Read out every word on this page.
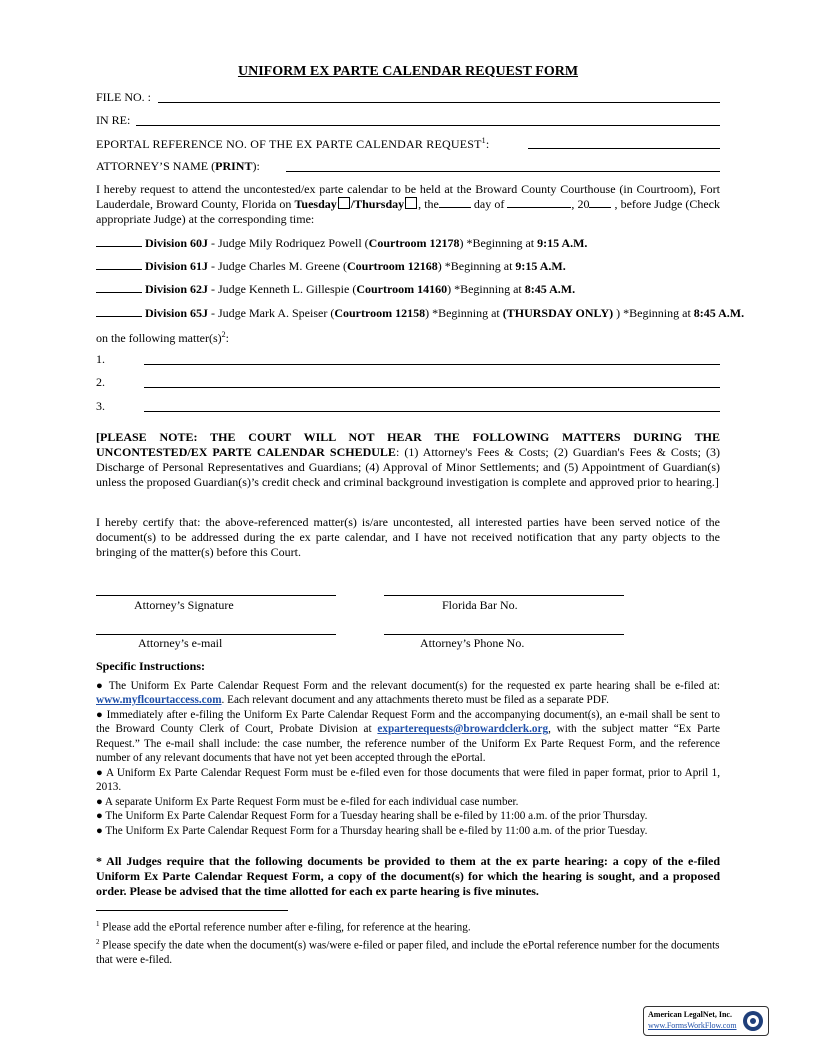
UNIFORM EX PARTE CALENDAR REQUEST FORM
FILE NO. :
IN RE:
EPORTAL REFERENCE NO. OF THE EX PARTE CALENDAR REQUEST$^1$:
ATTORNEY’S NAME (PRINT):
I hereby request to attend the uncontested/ex parte calendar to be held at the Broward County Courthouse (in Courtroom), Fort Lauderdale, Broward County, Florida on Tuesday /Thursday , the	day of	, 20 , before Judge (Check appropriate Judge) at the corresponding time:
Division 60J - Judge Mily Rodriquez Powell (Courtroom 12178) *Beginning at 9:15 A.M.
Division 61J - Judge Charles M. Greene (Courtroom 12168) *Beginning at 9:15 A.M.
Division 62J - Judge Kenneth L. Gillespie (Courtroom 14160) *Beginning at 8:45 A.M.
Division 65J - Judge Mark A. Speiser (Courtroom 12158) *Beginning at (THURSDAY ONLY) ) *Beginning at 8:45 A.M.
on the following $matter(s)^2$:
1.
2.
3.
[PLEASE NOTE: THE COURT WILL NOT HEAR THE FOLLOWING MATTERS DURING THE UNCONTESTED/EX PARTE CALENDAR SCHEDULE: (1) Attorney's Fees & Costs; (2) Guardian's Fees & Costs; (3) Discharge of Personal Representatives and Guardians; (4) Approval of Minor Settlements; and (5) Appointment of Guardian(s) unless the proposed Guardian(s)’s credit check and criminal background investigation is complete and approved prior to hearing.]
I hereby certify that: the above-referenced matter(s) is/are uncontested, all interested parties have been served notice of the document(s) to be addressed during the ex parte calendar, and I have not received notification that any party objects to the bringing of the matter(s) before this Court.
Attorney’s Signature	Florida Bar No.
Attorney’s e-mail	Attorney’s Phone No.

Specific Instructions:

● The Uniform Ex Parte Calendar Request Form and the relevant document(s) for the requested ex parte hearing shall be e-filed at: www.myflcourtaccess.com. Each relevant document and any attachments thereto must be filed as a separate PDF.

● Immediately after e-filing the Uniform Ex Parte Calendar Request Form and the accompanying document(s), an e-mail shall be sent to the Broward County Clerk of Court, Probate Division at exparterequests@browardclerk.org, with the subject matter “Ex Parte Request.” The e-mail shall include: the case number, the reference number of the Uniform Ex Parte Request Form, and the reference number of any relevant documents that have not yet been accepted through the ePortal.

● A Uniform Ex Parte Calendar Request Form must be e-filed even for those documents that were filed in paper format, prior to April 1, 2013.

● A separate Uniform Ex Parte Request Form must be e-filed for each individual case number.

● The Uniform Ex Parte Calendar Request Form for a Tuesday hearing shall be e-filed by 11:00 a.m. of the prior Thursday.

● The Uniform Ex Parte Calendar Request Form for a Thursday hearing shall be e-filed by 11:00 a.m. of the prior Tuesday.

* All Judges require that the following documents be provided to them at the ex parte hearing: a copy of the e-filed Uniform Ex Parte Calendar Request Form, a copy of the document(s) for which the hearing is sought, and a proposed order. Please be advised that the time allotted for each ex parte hearing is five minutes.

$^1$ Please add the ePortal reference number after e-filing, for reference at the hearing.

$^2$ Please specify the date when the document(s) was/were e-filed or paper filed, and include the ePortal reference number for the documents that were e-filed.

American LegalNet, Inc.
www.FormsWorkFlow.com
